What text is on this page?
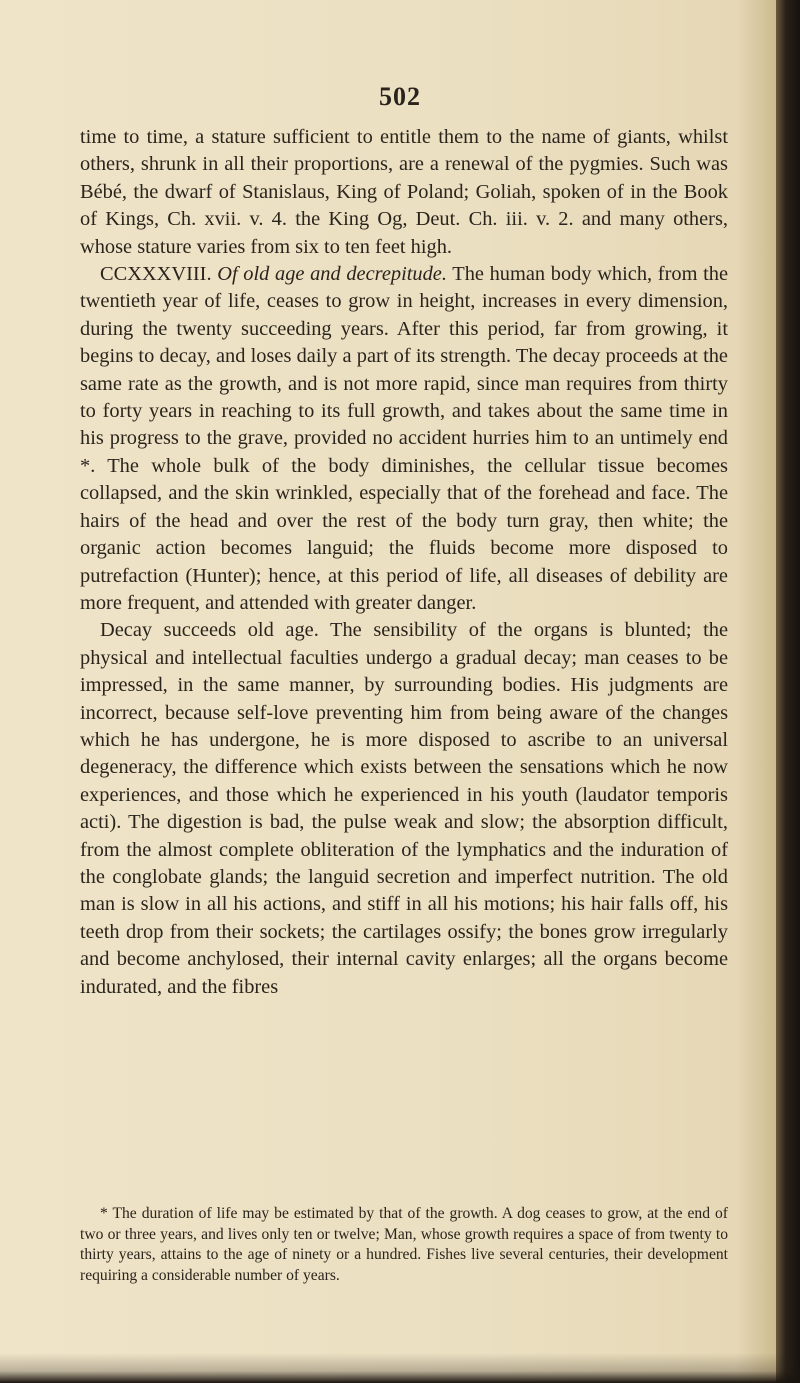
502

time to time, a stature sufficient to entitle them to the name of giants, whilst others, shrunk in all their proportions, are a renewal of the pygmies. Such was Bébé, the dwarf of Stanislaus, King of Poland; Goliah, spoken of in the Book of Kings, Ch. xvii. v. 4. the King Og, Deut. Ch. iii. v. 2. and many others, whose stature varies from six to ten feet high.

CCXXXVIII. Of old age and decrepitude. The human body which, from the twentieth year of life, ceases to grow in height, increases in every dimension, during the twenty succeeding years. After this period, far from growing, it begins to decay, and loses daily a part of its strength. The decay proceeds at the same rate as the growth, and is not more rapid, since man requires from thirty to forty years in reaching to its full growth, and takes about the same time in his progress to the grave, provided no accident hurries him to an untimely end *. The whole bulk of the body diminishes, the cellular tissue becomes collapsed, and the skin wrinkled, especially that of the forehead and face. The hairs of the head and over the rest of the body turn gray, then white; the organic action becomes languid; the fluids become more disposed to putrefaction (Hunter); hence, at this period of life, all diseases of debility are more frequent, and attended with greater danger.

Decay succeeds old age. The sensibility of the organs is blunted; the physical and intellectual faculties undergo a gradual decay; man ceases to be impressed, in the same manner, by surrounding bodies. His judgments are incorrect, because self-love preventing him from being aware of the changes which he has undergone, he is more disposed to ascribe to an universal degeneracy, the difference which exists between the sensations which he now experiences, and those which he experienced in his youth (laudator temporis acti). The digestion is bad, the pulse weak and slow; the absorption difficult, from the almost complete obliteration of the lymphatics and the induration of the conglobate glands; the languid secretion and imperfect nutrition. The old man is slow in all his actions, and stiff in all his motions; his hair falls off, his teeth drop from their sockets; the cartilages ossify; the bones grow irregularly and become anchylosed, their internal cavity enlarges; all the organs become indurated, and the fibres

* The duration of life may be estimated by that of the growth. A dog ceases to grow, at the end of two or three years, and lives only ten or twelve; Man, whose growth requires a space of from twenty to thirty years, attains to the age of ninety or a hundred. Fishes live several centuries, their development requiring a considerable number of years.
